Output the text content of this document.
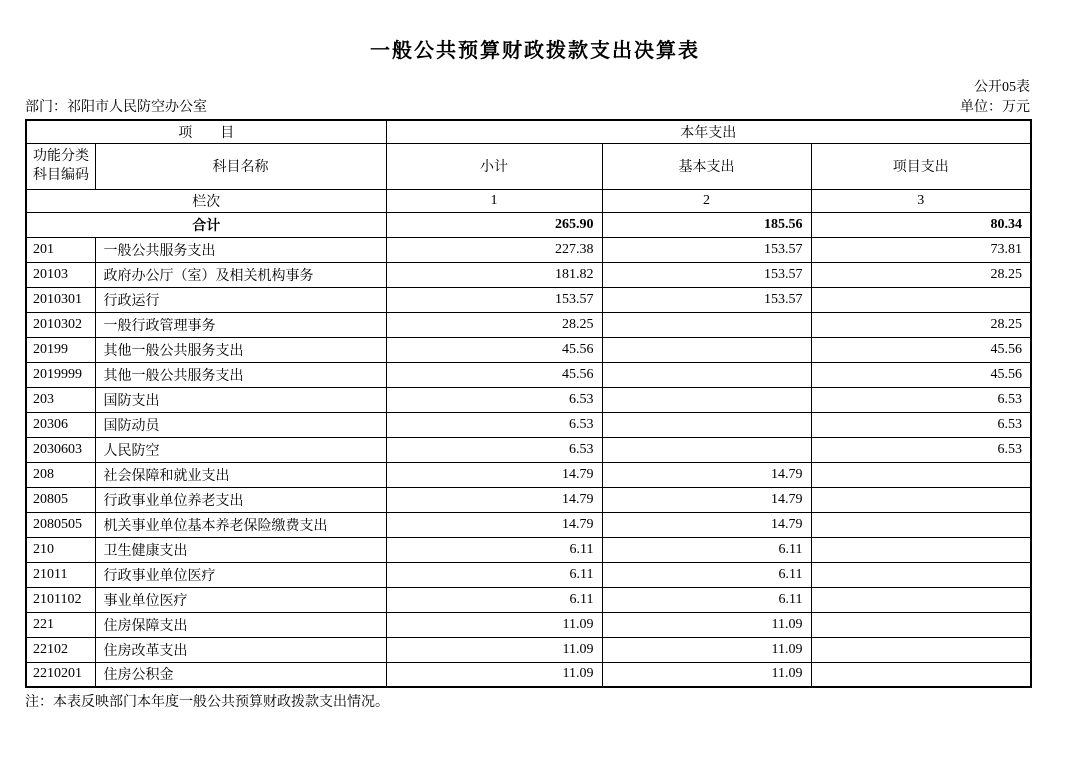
一般公共预算财政拨款支出决算表
公开05表
部门：祁阳市人民防空办公室	单位：万元
项　　目		本年支出		

功能分类
科目编码	科目名称	小计	基本支出	项目支出
栏次		1	2	3
合计		265.90	185.56	80.34
201	一般公共服务支出	227.38	153.57	73.81
20103	政府办公厅（室）及相关机构事务	181.82	153.57	28.25
2010301	行政运行	153.57	153.57	
2010302	一般行政管理事务	28.25		28.25
20199	其他一般公共服务支出	45.56		45.56
2019999	其他一般公共服务支出	45.56		45.56
203	国防支出	6.53		6.53
20306	国防动员	6.53		6.53
2030603	人民防空	6.53		6.53
208	社会保障和就业支出	14.79	14.79	
20805	行政事业单位养老支出	14.79	14.79	
2080505	机关事业单位基本养老保险缴费支出	14.79	14.79	
210	卫生健康支出	6.11	6.11	
21011	行政事业单位医疗	6.11	6.11	
2101102	事业单位医疗	6.11	6.11	
221	住房保障支出	11.09	11.09	
22102	住房改革支出	11.09	11.09	
2210201	住房公积金	11.09	11.09	
注：本表反映部门本年度一般公共预算财政拨款支出情况。
